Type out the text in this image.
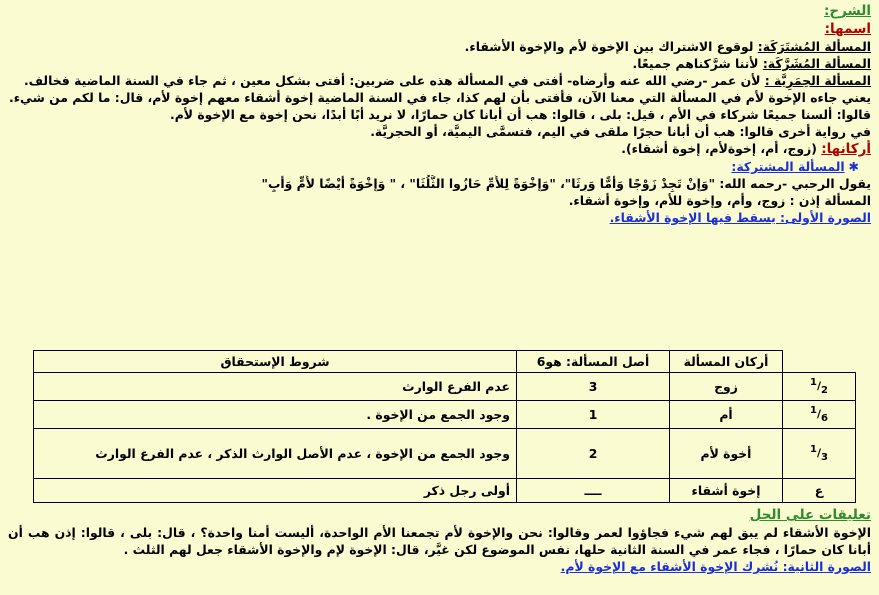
الشرح:
اسمها:
المسألة المُشتَرَكَة: لوقوع الاشتراك بين الإخوة لأم والإخوة الأشقاء.
المسألة المُشَرَّكَة: لأننا شرَّكناهم جميعًا.
المسألة الحِمَرِيَّة : لأن عمر -رضي الله عنه وأرضاه- أفتى في المسألة هذه على ضربين: أفتى بشكل معين ، ثم جاء في السنة الماضية فخالف.
يعني جاءه الإخوة لأم في المسألة التي معنا الآن، فأفتى بأن لهم كذا، جاء في السنة الماضية إخوة أشقاء معهم إخوة لأم، قال: ما لكم من شيء.
قالوا: ألسنا جميعًا شركاء في الأم ، قيل: بلى ، قالوا: هب أن أبانا كان حمارًا، لا نريد أبًا أبدًا، نحن إخوة مع الإخوة لأم.
في رواية أخرى قالوا: هب أن أبانا حجرًا ملقى في اليم، فتسمَّى اليميَّة، أو الحجريَّة.
أركانها: (زوج، أم، إخوةلأم، إخوة أشقاء).
✱المسألة المشتركة:
يقول الرحبي -رحمه الله: "وَإِنْ تَجِدْ زَوْجًا وَأُمًّا وَرِثَا"، "وَإِخْوَةً لِلأُمِّ حَازُوا الثُّلُثَا" ، " وَإِخْوَةً أَيْضًا لأُمٍّ وَأَبٍ"
المسألة إذن : زوج، وأم، وإخوة للأم، وإخوة أشقاء.
الصورة الأولى: يسقط فيها الإخوة الأشقاء.
	أركان المسألة	أصل المسألة: هو6	شروط الإستحقاق
$^1/_2$	زوج	3	عدم الفرع الوارث
$^1/_6$	أم	1	وجود الجمع من الإخوة .
$^1/_3$	أخوة لأم	2	وجود الجمع من الإخوة ، عدم الأصل الوارث الذكر ، عدم الفرع الوارث
ع	إخوة أشقاء	ــــ	أولى رجل ذكر
تعليقات على الحل
الإخوة الأشقاء لم يبق لهم شيء فجاؤوا لعمر وقالوا: نحن والإخوة لأم تجمعنا الأم الواحدة، أليست أمنا واحدة؟ ، قال: بلى ، قالوا: إذن هب أن أبانا كان حمارًا ، فجاء عمر في السنة الثانية حلها، نفس الموضوع لكن غيَّر، قال: الإخوة لإم والإخوة الأشقاء جعل لهم الثلث .
الصورة الثانية: نُشرِك الإخوة الأشقاء مع الإخوة لأم.
